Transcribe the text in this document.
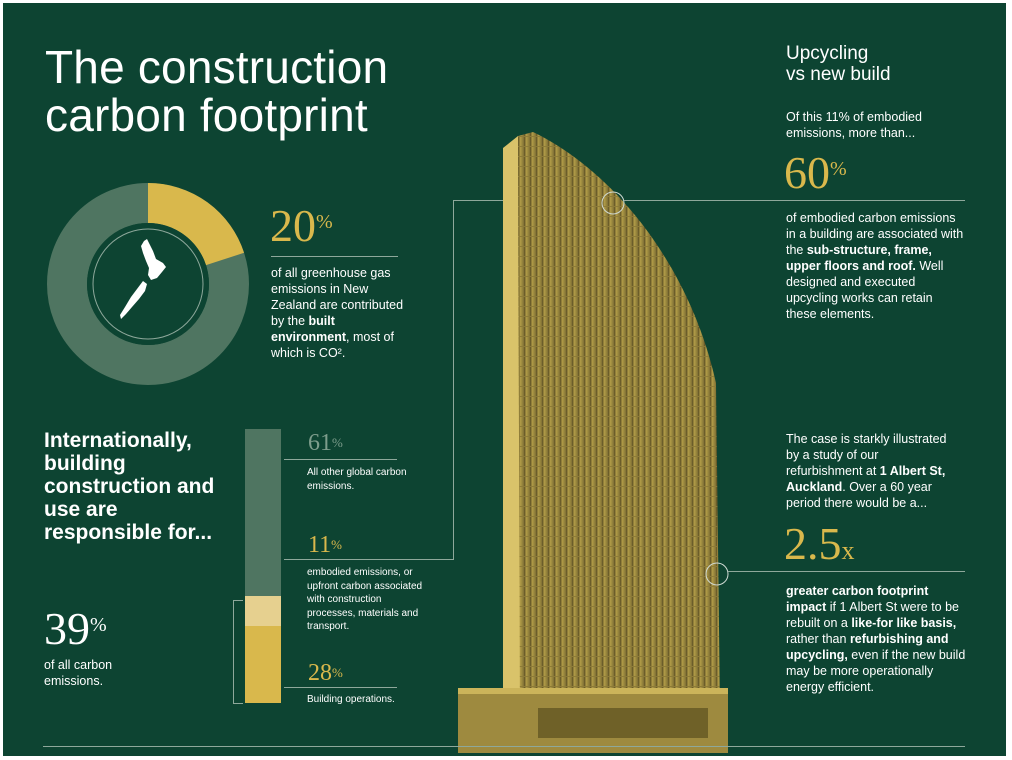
The construction
carbon footprint
20%
of all greenhouse gas emissions in New Zealand are contributed by the built environment, most of which is CO².
Internationally, building construction and use are responsible for...
39%
of all carbon emissions.
61%
All other global carbon emissions.
11%
embodied emissions, or upfront carbon associated with construction processes, materials and transport.
28%
Building operations.
Upcycling
vs new build
Of this 11% of embodied emissions, more than...
60%
of embodied carbon emissions in a building are associated with the sub-structure, frame, upper floors and roof. Well designed and executed upcycling works can retain these elements.
The case is starkly illustrated by a study of our refurbishment at 1 Albert St, Auckland. Over a 60 year period there would be a...
2.5x
greater carbon footprint impact if 1 Albert St were to be rebuilt on a like-for like basis, rather than refurbishing and upcycling, even if the new build may be more operationally energy efficient.
